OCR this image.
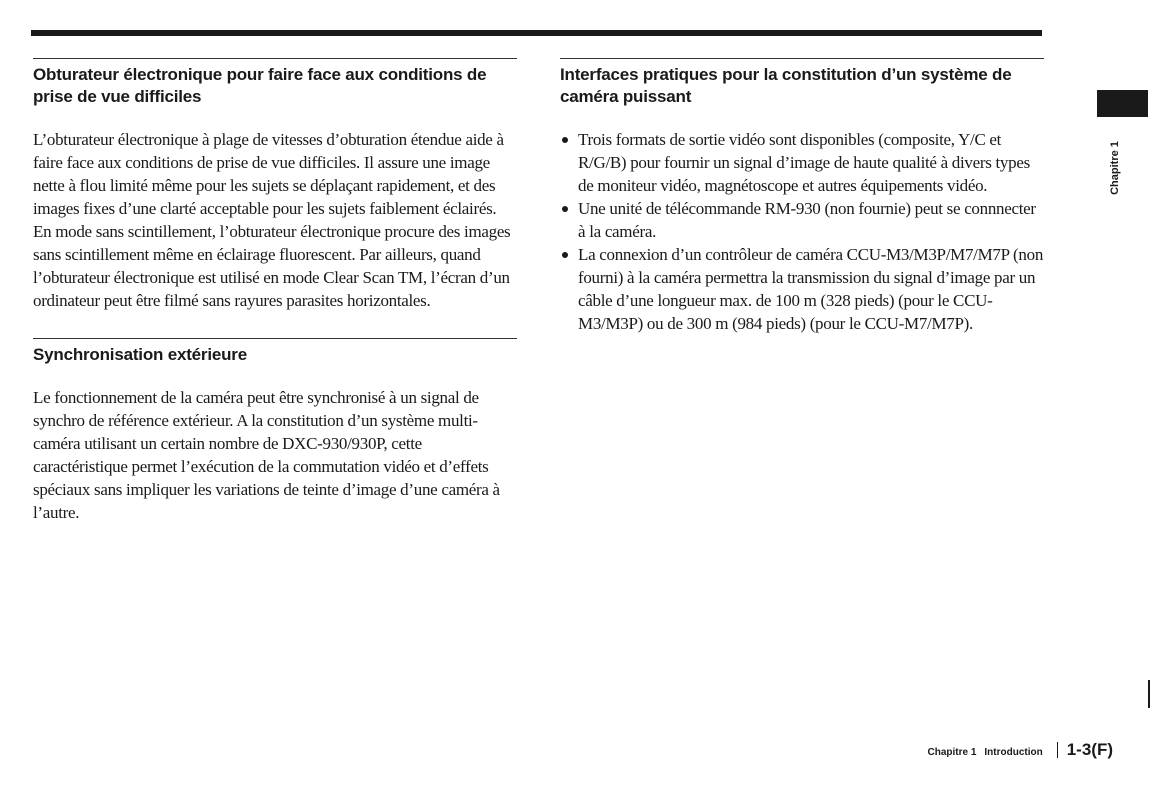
Obturateur électronique pour faire face aux conditions de prise de vue difficiles

L’obturateur électronique à plage de vitesses d’obturation étendue aide à faire face aux conditions de prise de vue difficiles. Il assure une image nette à flou limité même pour les sujets se déplaçant rapidement, et des images fixes d’une clarté acceptable pour les sujets faiblement éclairés. En mode sans scintillement, l’obturateur électronique procure des images sans scintillement même en éclairage fluorescent. Par ailleurs, quand l’obturateur électronique est utilisé en mode Clear Scan TM, l’écran d’un ordinateur peut être filmé sans rayures parasites horizontales.

Synchronisation extérieure

Le fonctionnement de la caméra peut être synchronisé à un signal de synchro de référence extérieur. A la constitution d’un système multi-caméra utilisant un certain nombre de DXC-930/930P, cette caractéristique permet l’exécution de la commutation vidéo et d’effets spéciaux sans impliquer les variations de teinte d’image d’une caméra à l’autre.

Interfaces pratiques pour la constitution d’un système de caméra puissant
Trois formats de sortie vidéo sont disponibles (composite, Y/C et R/G/B) pour fournir un signal d’image de haute qualité à divers types de moniteur vidéo, magnétoscope et autres équipements vidéo.
Une unité de télécommande RM-930 (non fournie) peut se connnecter à la caméra.
La connexion d’un contrôleur de caméra CCU-M3/M3P/M7/M7P (non fourni) à la caméra permettra la transmission du signal d’image par un câble d’une longueur max. de 100 m (328 pieds) (pour le CCU-M3/M3P) ou de 300 m (984 pieds) (pour le CCU-M7/M7P).
Chapitre 1
Chapitre 1 Introduction 1-3(F)
